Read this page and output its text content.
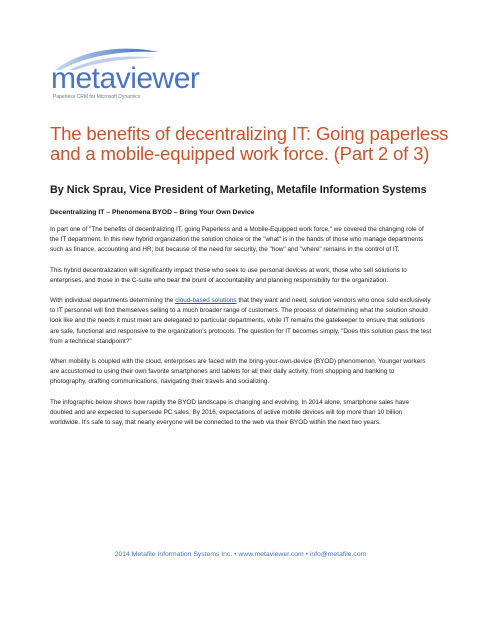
metaviewer
Paperless CRM for Microsoft Dynamics
The benefits of decentralizing IT: Going paperless and a mobile-equipped work force. (Part 2 of 3)
By Nick Sprau, Vice President of Marketing, Metafile Information Systems
Decentralizing IT – Phenomena BYOD – Bring Your Own Device

In part one of "The benefits of decentralizing IT, going Paperless and a Mobile-Equipped work force," we covered the changing role of the IT department. In this new hybrid organization the solution choice or the "what" is in the hands of those who manage departments such as finance, accounting and HR; but because of the need for security, the "how" and "where" remains in the control of IT.

This hybrid decentralization will significantly impact those who seek to use personal devices at work, those who sell solutions to enterprises, and those in the C-suite who bear the brunt of accountability and planning responsibility for the organization.

With individual departments determining the cloud-based solutions that they want and need, solution vendors who once sold exclusively to IT personnel will find themselves selling to a much broader range of customers. The process of determining what the solution should look like and the needs it must meet are delegated to particular departments, while IT remains the gatekeeper to ensure that solutions are safe, functional and responsive to the organization's protocols. The question for IT becomes simply, "Does this solution pass the test from a technical standpoint?"

When mobility is coupled with the cloud, enterprises are faced with the bring-your-own-device (BYOD) phenomenon. Younger workers are accustomed to using their own favorite smartphones and tablets for all their daily activity, from shopping and banking to photography, drafting communications, navigating their travels and socializing.

The infographic below shows how rapidly the BYOD landscape is changing and evolving. In 2014 alone, smartphone sales have doubled and are expected to supersede PC sales. By 2016, expectations of active mobile devices will top more than 10 billion worldwide. It's safe to say, that nearly everyone will be connected to the web via their BYOD within the next two years.

2014 Metafile Information Systems Inc. • www.metaviewer.com • info@metafile.com
